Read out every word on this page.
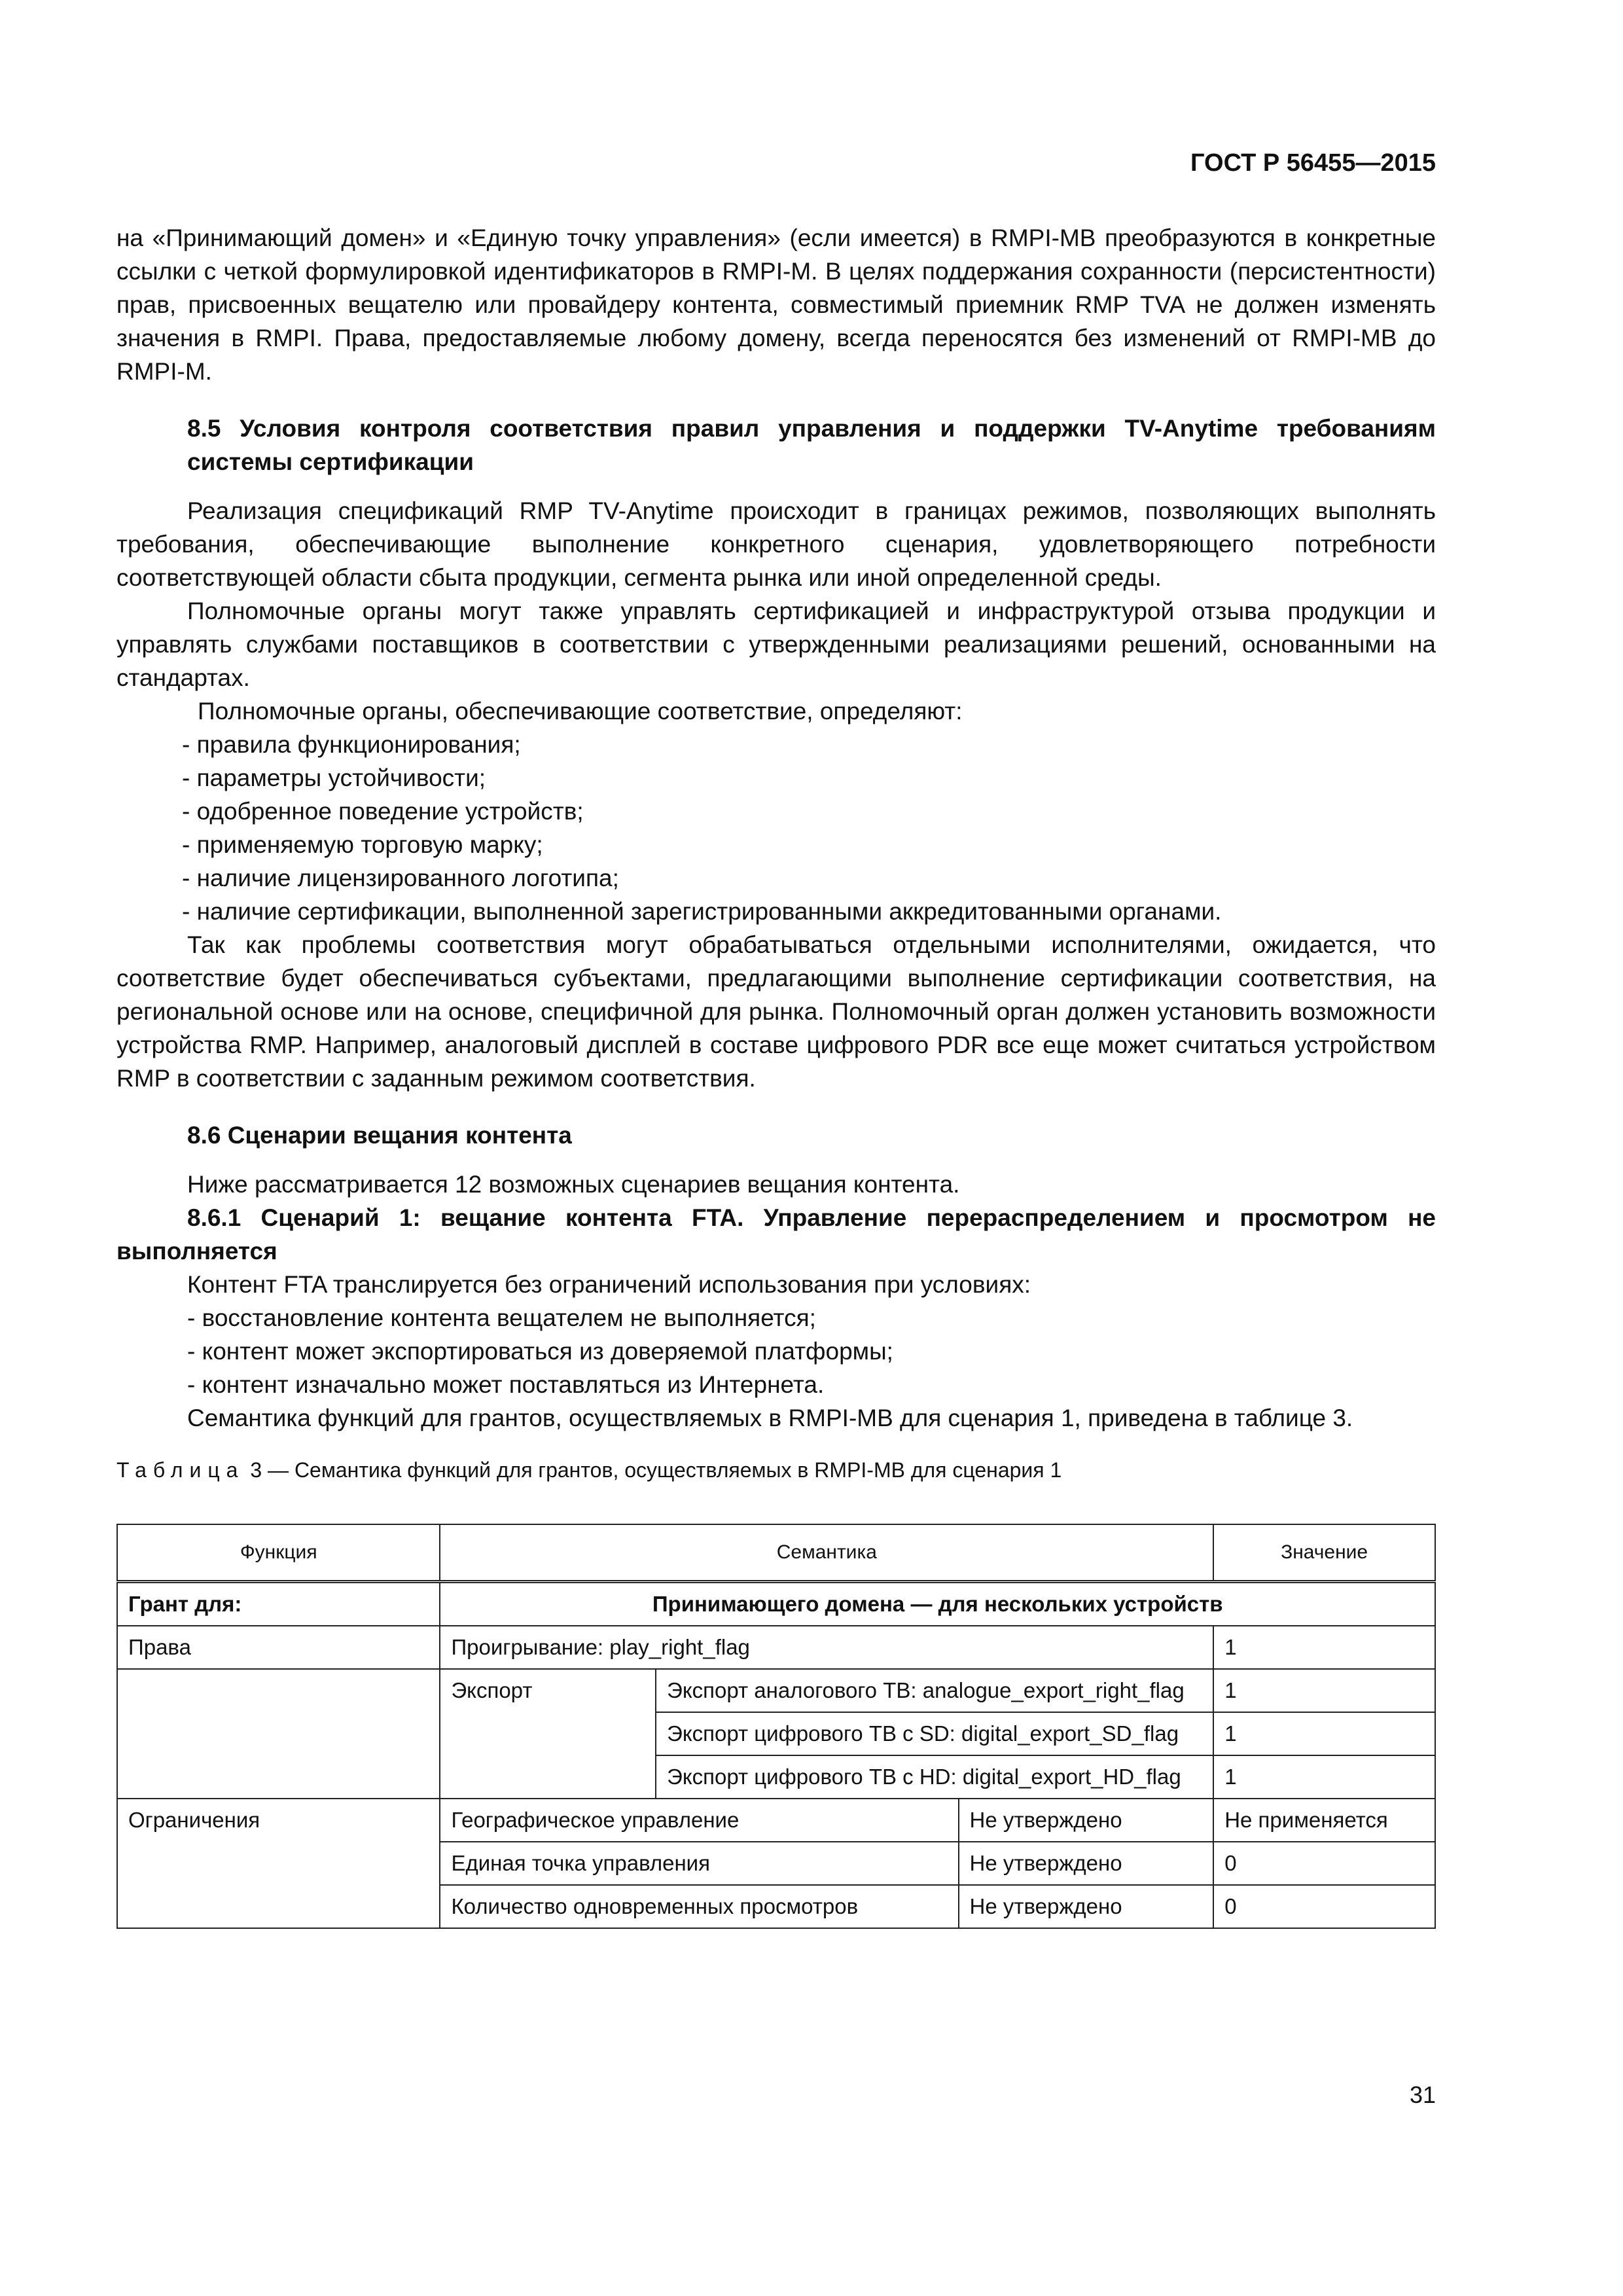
ГОСТ Р 56455—2015

на «Принимающий домен» и «Единую точку управления» (если имеется) в RMPI-MB преобразуются в конкретные ссылки с четкой формулировкой идентификаторов в RMPI-M. В целях поддержания сохранности (персистентности) прав, присвоенных вещателю или провайдеру контента, совместимый приемник RMP TVA не должен изменять значения в RMPI. Права, предоставляемые любому домену, всегда переносятся без изменений от RMPI-MB до RMPI-M.

8.5 Условия контроля соответствия правил управления и поддержки TV-Anytime требованиям системы сертификации

Реализация спецификаций RMP TV-Anytime происходит в границах режимов, позволяющих выполнять требования, обеспечивающие выполнение конкретного сценария, удовлетворяющего потребности соответствующей области сбыта продукции, сегмента рынка или иной определенной среды.

Полномочные органы могут также управлять сертификацией и инфраструктурой отзыва продукции и управлять службами поставщиков в соответствии с утвержденными реализациями решений, основанными на стандартах.

Полномочные органы, обеспечивающие соответствие, определяют:

- правила функционирования;

- параметры устойчивости;

- одобренное поведение устройств;

- применяемую торговую марку;

- наличие лицензированного логотипа;

- наличие сертификации, выполненной зарегистрированными аккредитованными органами.

Так как проблемы соответствия могут обрабатываться отдельными исполнителями, ожидается, что соответствие будет обеспечиваться субъектами, предлагающими выполнение сертификации соответствия, на региональной основе или на основе, специфичной для рынка. Полномочный орган должен установить возможности устройства RMP. Например, аналоговый дисплей в составе цифрового PDR все еще может считаться устройством RMP в соответствии с заданным режимом соответствия.

8.6 Сценарии вещания контента

Ниже рассматривается 12 возможных сценариев вещания контента.

8.6.1 Сценарий 1: вещание контента FTA. Управление перераспределением и просмотром не выполняется

Контент FTA транслируется без ограничений использования при условиях:

- восстановление контента вещателем не выполняется;

- контент может экспортироваться из доверяемой платформы;

- контент изначально может поставляться из Интернета.

Семантика функций для грантов, осуществляемых в RMPI-MB для сценария 1, приведена в таблице 3.

Таблица 3 — Семантика функций для грантов, осуществляемых в RMPI-MB для сценария 1

Функция	Семантика			Значение
Грант для:	Принимающего домена — для нескольких устройств			
Права	Проигрывание: play_right_flag			1
	Экспорт	Экспорт аналогового ТВ: analogue_export_right_flag		1
		Экспорт цифрового ТВ с SD: digital_export_SD_flag		1
		Экспорт цифрового ТВ с HD: digital_export_HD_flag		1
Ограничения	Географическое управление		Не утверждено	Не применяется
	Единая точка управления		Не утверждено	0
	Количество одновременных просмотров		Не утверждено	0
31
